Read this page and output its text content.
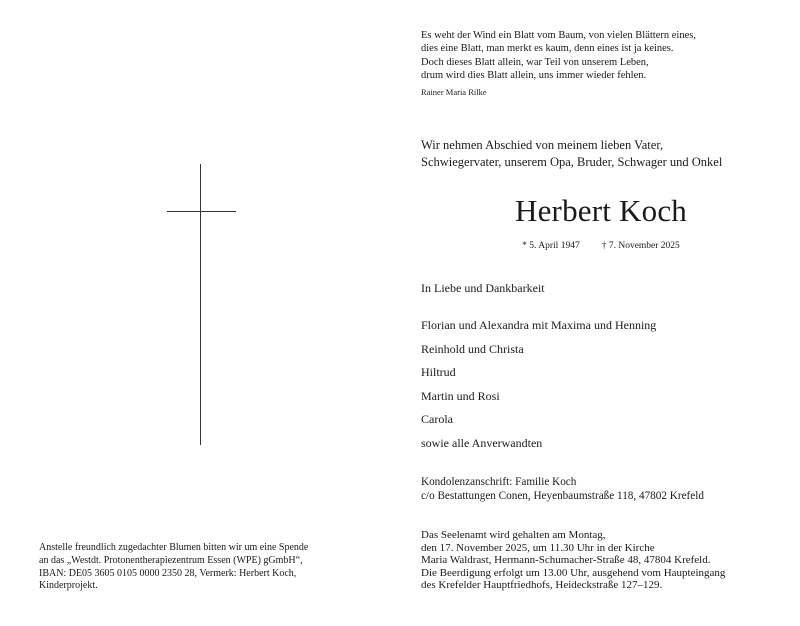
Es weht der Wind ein Blatt vom Baum, von vielen Blättern eines,
dies eine Blatt, man merkt es kaum, denn eines ist ja keines.
Doch dieses Blatt allein, war Teil von unserem Leben,
drum wird dies Blatt allein, uns immer wieder fehlen.
Rainer Maria Rilke
Wir nehmen Abschied von meinem lieben Vater,
Schwiegervater, unserem Opa, Bruder, Schwager und Onkel
Herbert Koch
* 5. April 1947 † 7. November 2025
In Liebe und Dankbarkeit
Florian und Alexandra mit Maxima und Henning
Reinhold und Christa
Hiltrud
Martin und Rosi
Carola
sowie alle Anverwandten
Kondolenzanschrift: Familie Koch
c/o Bestattungen Conen, Heyenbaumstraße 118, 47802 Krefeld
Das Seelenamt wird gehalten am Montag,
den 17. November 2025, um 11.30 Uhr in der Kirche
Maria Waldrast, Hermann-Schumacher-Straße 48, 47804 Krefeld.
Die Beerdigung erfolgt um 13.00 Uhr, ausgehend vom Haupteingang
des Krefelder Hauptfriedhofs, Heideckstraße 127–129.
Anstelle freundlich zugedachter Blumen bitten wir um eine Spende
an das „Westdt. Protonentherapiezentrum Essen (WPE) gGmbH“,
IBAN: DE05 3605 0105 0000 2350 28, Vermerk: Herbert Koch,
Kinderprojekt.
